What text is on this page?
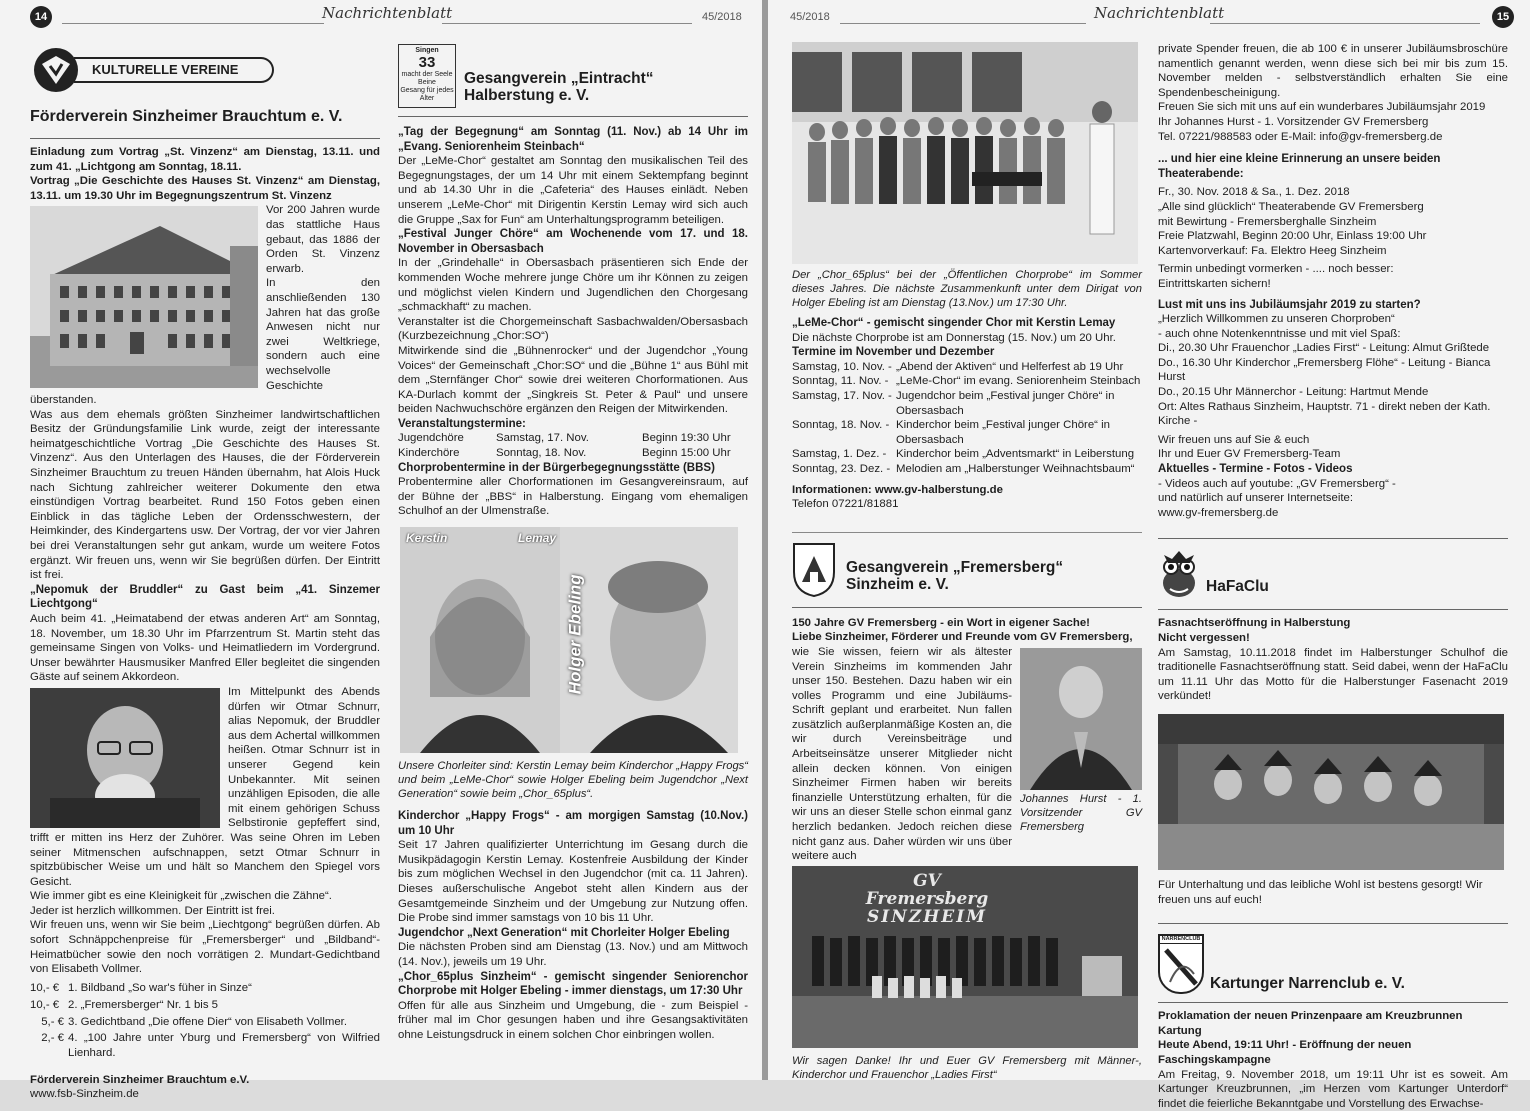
14	Nachrichtenblatt	45/2018
KULTURELLE VEREINE

Förderverein Sinzheimer Brauchtum e. V.

Einladung zum Vortrag „St. Vinzenz“ am Dienstag, 13.11. und zum 41. „Lichtgong am Sonntag, 18.11.

Vortrag „Die Geschichte des Hauses St. Vinzenz“ am Dienstag, 13.11. um 19.30 Uhr im Begegnungszentrum St. Vinzenz

Vor 200 Jahren wurde das stattliche Haus gebaut, das 1886 der Orden St. Vinzenz erwarb.

In den anschließenden 130 Jahren hat das große Anwesen nicht nur zwei Weltkriege, sondern auch eine wechselvolle Geschichte überstanden.

Was aus dem ehemals größten Sinzheimer landwirtschaftlichen Besitz der Gründungsfamilie Link wurde, zeigt der interessante heimatgeschichtliche Vortrag „Die Geschichte des Hauses St. Vinzenz“. Aus den Unterlagen des Hauses, die der Förderverein Sinzheimer Brauchtum zu treuen Händen übernahm, hat Alois Huck nach Sichtung zahlreicher weiterer Dokumente den etwa einstündigen Vortrag bearbeitet. Rund 150 Fotos geben einen Einblick in das tägliche Leben der Ordensschwestern, der Heimkinder, des Kindergartens usw. Der Vortrag, der vor vier Jahren bei drei Veranstaltungen sehr gut ankam, wurde um weitere Fotos ergänzt. Wir freuen uns, wenn wir Sie begrüßen dürfen. Der Eintritt ist frei.

„Nepomuk der Bruddler“ zu Gast beim „41. Sinzemer Liechtgong“

Auch beim 41. „Heimatabend der etwas anderen Art“ am Sonntag, 18. November, um 18.30 Uhr im Pfarrzentrum St. Martin steht das gemeinsame Singen von Volks- und Heimatliedern im Vordergrund. Unser bewährter Hausmusiker Manfred Eller begleitet die singenden Gäste auf seinem Akkordeon.

Im Mittelpunkt des Abends dürfen wir Otmar Schnurr, alias Nepomuk, der Bruddler aus dem Achertal willkommen heißen. Otmar Schnurr ist in unserer Gegend kein Unbekannter. Mit seinen unzähligen Episoden, die alle mit einem gehörigen Schuss Selbstironie gepfeffert sind, trifft er mitten ins Herz der Zuhörer. Was seine Ohren im Leben seiner Mitmenschen aufschnappen, setzt Otmar Schnurr in spitzbübischer Weise um und hält so Manchem den Spiegel vors Gesicht.

Wie immer gibt es eine Kleinigkeit für „zwischen die Zähne“.

Jeder ist herzlich willkommen. Der Eintritt ist frei.

Wir freuen uns, wenn wir Sie beim „Liechtgong“ begrüßen dürfen. Ab sofort Schnäppchenpreise für „Fremersberger“ und „Bildband“-Heimatbücher sowie den noch vorrätigen 2. Mundart-Gedichtband von Elisabeth Vollmer.

10,- € 1. Bildband „So war's füher in Sinze“
10,- € 2. „Fremersberger“ Nr. 1 bis 5
5,- € 3. Gedichtband „Die offene Dier“ von Elisabeth Vollmer.
2,- € 4. „100 Jahre unter Yburg und Fremersberg“ von Wilfried Lienhard.

Förderverein Sinzheimer Brauchtum e.V.

www.fsb-Sinzheim.de

Singen
33
macht der Seele Beine
Gesang für jedes Alter
Gesangverein „Eintracht“
Halberstung e. V.

„Tag der Begegnung“ am Sonntag (11. Nov.) ab 14 Uhr im „Evang. Seniorenheim Steinbach“

Der „LeMe-Chor“ gestaltet am Sonntag den musikalischen Teil des Begegnungstages, der um 14 Uhr mit einem Sektempfang beginnt und ab 14.30 Uhr in die „Cafeteria“ des Hauses einlädt. Neben unserem „LeMe-Chor“ mit Dirigentin Kerstin Lemay wird sich auch die Gruppe „Sax for Fun“ am Unterhaltungsprogramm beteiligen.

„Festival Junger Chöre“ am Wochenende vom 17. und 18. November in Obersasbach

In der „Grindehalle“ in Obersasbach präsentieren sich Ende der kommenden Woche mehrere junge Chöre um ihr Können zu zeigen und möglichst vielen Kindern und Jugendlichen den Chorgesang „schmackhaft“ zu machen.

Veranstalter ist die Chorgemeinschaft Sasbachwalden/Obersasbach (Kurzbezeichnung „Chor:SO“)

Mitwirkende sind die „Bühnenrocker“ und der Jugendchor „Young Voices“ der Gemeinschaft „Chor:SO“ und die „Bühne 1“ aus Bühl mit dem „Sternfänger Chor“ sowie drei weiteren Chorformationen. Aus KA-Durlach kommt der „Singkreis St. Peter & Paul“ und unsere beiden Nachwuchschöre ergänzen den Reigen der Mitwirkenden.

Veranstaltungstermine:

Jugendchöre	Samstag, 17. Nov.	Beginn 19:30 Uhr
Kinderchöre	Sonntag, 18. Nov.	Beginn 15:00 Uhr

Chorprobentermine in der Bürgerbegegnungsstätte (BBS)

Probentermine aller Chorformationen im Gesangvereinsraum, auf der Bühne der „BBS“ in Halberstung. Eingang vom ehemaligen Schulhof an der Ulmenstraße.

Kerstin	Lemay
Holger Ebeling

Unsere Chorleiter sind: Kerstin Lemay beim Kinderchor „Happy Frogs“ und beim „LeMe-Chor“ sowie Holger Ebeling beim Jugendchor „Next Generation“ sowie beim „Chor_65plus“.

Kinderchor „Happy Frogs“ - am morgigen Samstag (10.Nov.) um 10 Uhr

Seit 17 Jahren qualifizierter Unterrichtung im Gesang durch die Musikpädagogin Kerstin Lemay. Kostenfreie Ausbildung der Kinder bis zum möglichen Wechsel in den Jugendchor (mit ca. 11 Jahren). Dieses außerschulische Angebot steht allen Kindern aus der Gesamtgemeinde Sinzheim und der Umgebung zur Nutzung offen. Die Probe sind immer samstags von 10 bis 11 Uhr.

Jugendchor „Next Generation“ mit Chorleiter Holger Ebeling

Die nächsten Proben sind am Dienstag (13. Nov.) und am Mittwoch (14. Nov.), jeweils um 19 Uhr.

„Chor_65plus Sinzheim“ - gemischt singender Seniorenchor Chorprobe mit Holger Ebeling - immer dienstags, um 17:30 Uhr

Offen für alle aus Sinzheim und Umgebung, die - zum Beispiel - früher mal im Chor gesungen haben und ihre Gesangsaktivitäten ohne Leistungsdruck in einem solchen Chor einbringen wollen.

45/2018	Nachrichtenblatt	15

Der „Chor_65plus“ bei der „Öffentlichen Chorprobe“ im Sommer dieses Jahres. Die nächste Zusammenkunft unter dem Dirigat von Holger Ebeling ist am Dienstag (13.Nov.) um 17:30 Uhr.

„LeMe-Chor“ - gemischt singender Chor mit Kerstin Lemay

Die nächste Chorprobe ist am Donnerstag (15. Nov.) um 20 Uhr.

Termine im November und Dezember

Samstag, 10. Nov. - „Abend der Aktiven“ und Helferfest ab 19 Uhr
Sonntag, 11. Nov. - „LeMe-Chor“ im evang. Seniorenheim Steinbach
Samstag, 17. Nov. - Jugendchor beim „Festival junger Chöre“ in Obersasbach
Sonntag, 18. Nov. - Kinderchor beim „Festival junger Chöre“ in Obersasbach
Samstag, 1. Dez. - Kinderchor beim „Adventsmarkt“ in Leiberstung
Sonntag, 23. Dez. - Melodien am „Halberstunger Weihnachtsbaum“

Informationen: www.gv-halberstung.de

Telefon 07221/81881

Gesangverein „Fremersberg“
Sinzheim e. V.

150 Jahre GV Fremersberg - ein Wort in eigener Sache!

Liebe Sinzheimer, Förderer und Freunde vom GV Fremersberg,

Johannes Hurst - 1. Vorsitzender GV Fremersberg

wie Sie wissen, feiern wir als ältester Verein Sinzheims im kommenden Jahr unser 150. Bestehen. Dazu haben wir ein volles Programm und eine Jubiläums-Schrift geplant und erarbeitet. Nun fallen zusätzlich außerplanmäßige Kosten an, die wir durch Vereinsbeiträge und Arbeitseinsätze unserer Mitglieder nicht allein decken können. Von einigen Sinzheimer Firmen haben wir bereits finanzielle Unterstützung erhalten, für die wir uns an dieser Stelle schon einmal ganz herzlich bedanken. Jedoch reichen diese nicht ganz aus. Daher würden wir uns über weitere auch

GV Fremersberg
SINZHEIM

Wir sagen Danke! Ihr und Euer GV Fremersberg mit Männer-, Kinderchor und Frauenchor „Ladies First“

private Spender freuen, die ab 100 € in unserer Jubiläumsbroschüre namentlich genannt werden, wenn diese sich bei mir bis zum 15. November melden - selbstverständlich erhalten Sie eine Spendenbescheinigung.

Freuen Sie sich mit uns auf ein wunderbares Jubiläumsjahr 2019

Ihr Johannes Hurst - 1. Vorsitzender GV Fremersberg

Tel. 07221/988583 oder E-Mail: info@gv-fremersberg.de

... und hier eine kleine Erinnerung an unsere beiden Theaterabende:

Fr., 30. Nov. 2018 & Sa., 1. Dez. 2018

„Alle sind glücklich“ Theaterabende GV Fremersberg

mit Bewirtung - Fremersberghalle Sinzheim

Freie Platzwahl, Beginn 20:00 Uhr, Einlass 19:00 Uhr

Kartenvorverkauf: Fa. Elektro Heeg Sinzheim

Termin unbedingt vormerken - .... noch besser: Eintrittskarten sichern!

Lust mit uns ins Jubiläumsjahr 2019 zu starten?

„Herzlich Willkommen zu unseren Chorproben“

- auch ohne Notenkenntnisse und mit viel Spaß:

Di., 20.30 Uhr Frauenchor „Ladies First“ - Leitung: Almut Grißtede

Do., 16.30 Uhr Kinderchor „Fremersberg Flöhe“ - Leitung - Bianca Hurst

Do., 20.15 Uhr Männerchor - Leitung: Hartmut Mende

Ort: Altes Rathaus Sinzheim, Hauptstr. 71 - direkt neben der Kath. Kirche -

Wir freuen uns auf Sie & euch

Ihr und Euer GV Fremersberg-Team

Aktuelles - Termine - Fotos - Videos

- Videos auch auf youtube: „GV Fremersberg“ -

und natürlich auf unserer Internetseite:

www.gv-fremersberg.de

HaFaClu

Fasnachtseröffnung in Halberstung

Nicht vergessen!

Am Samstag, 10.11.2018 findet im Halberstunger Schulhof die traditionelle Fasnachtseröffnung statt. Seid dabei, wenn der HaFaClu um 11.11 Uhr das Motto für die Halberstunger Fasenacht 2019 verkündet!

Für Unterhaltung und das leibliche Wohl ist bestens gesorgt! Wir freuen uns auf euch!

NARRENCLUB
Kartunger Narrenclub e. V.

Proklamation der neuen Prinzenpaare am Kreuzbrunnen Kartung

Heute Abend, 19:11 Uhr! - Eröffnung der neuen Faschingskampagne

Am Freitag, 9. November 2018, um 19:11 Uhr ist es soweit. Am Kartunger Kreuzbrunnen, „im Herzen vom Kartunger Unterdorf“ findet die feierliche Bekanntgabe und Vorstellung des Erwachse-
